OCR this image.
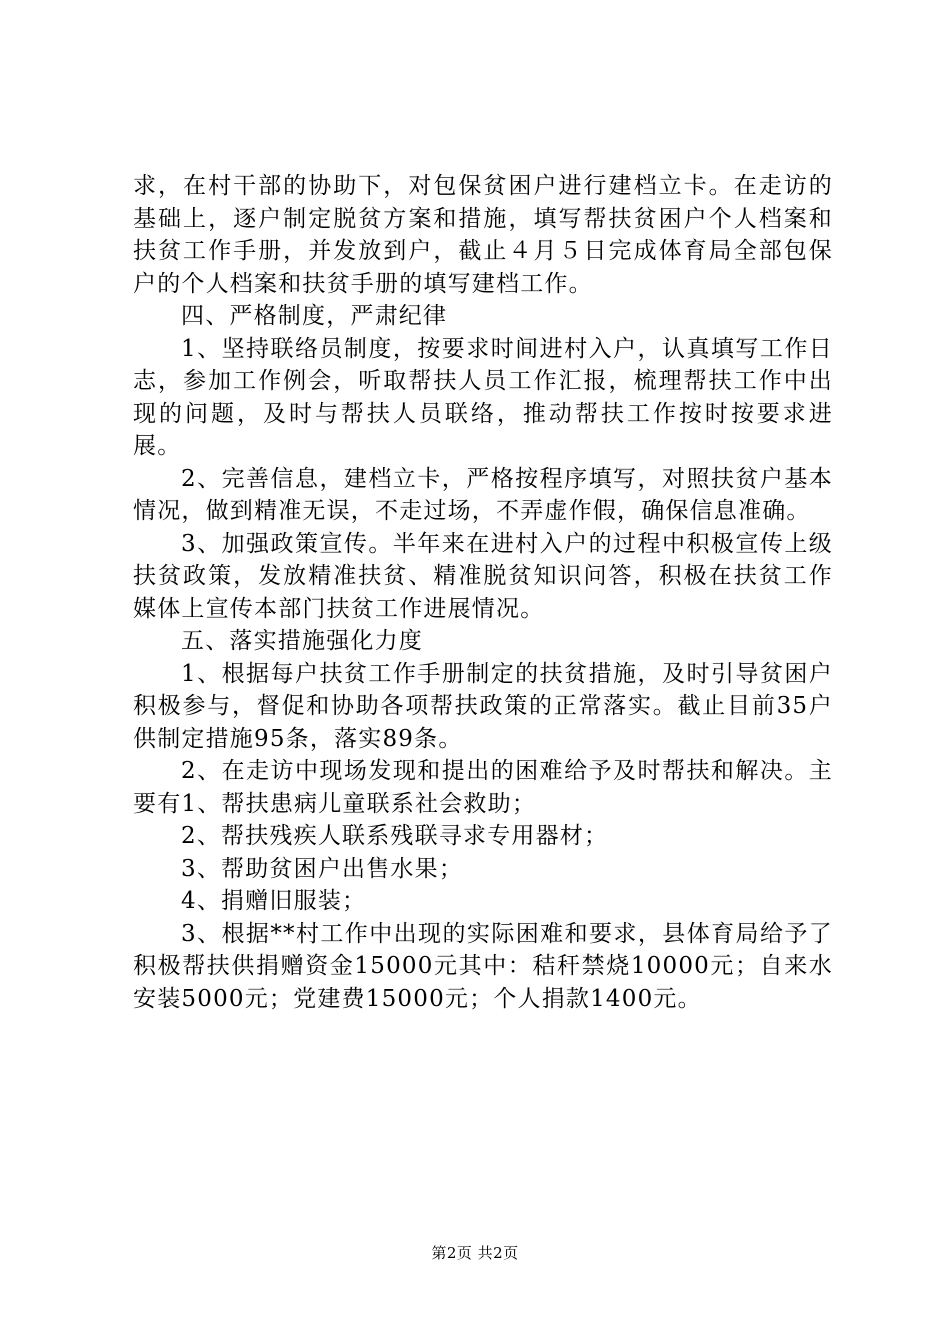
求，在村干部的协助下，对包保贫困户进行建档立卡。在走访的基础上，逐户制定脱贫方案和措施，填写帮扶贫困户个人档案和扶贫工作手册，并发放到户，截止４月５日完成体育局全部包保户的个人档案和扶贫手册的填写建档工作。

四、严格制度，严肃纪律

1、坚持联络员制度，按要求时间进村入户，认真填写工作日志，参加工作例会，听取帮扶人员工作汇报，梳理帮扶工作中出现的问题，及时与帮扶人员联络，推动帮扶工作按时按要求进展。

2、完善信息，建档立卡，严格按程序填写，对照扶贫户基本情况，做到精准无误，不走过场，不弄虚作假，确保信息准确。

3、加强政策宣传。半年来在进村入户的过程中积极宣传上级扶贫政策，发放精准扶贫、精准脱贫知识问答，积极在扶贫工作媒体上宣传本部门扶贫工作进展情况。

五、落实措施强化力度

1、根据每户扶贫工作手册制定的扶贫措施，及时引导贫困户积极参与，督促和协助各项帮扶政策的正常落实。截止目前35户供制定措施95条，落实89条。

2、在走访中现场发现和提出的困难给予及时帮扶和解决。主要有1、帮扶患病儿童联系社会救助；

2、帮扶残疾人联系残联寻求专用器材；

3、帮助贫困户出售水果；

4、捐赠旧服装；

3、根据**村工作中出现的实际困难和要求，县体育局给予了积极帮扶供捐赠资金15000元其中：秸秆禁烧10000元；自来水安装5000元；党建费15000元；个人捐款1400元。

第2页 共2页
